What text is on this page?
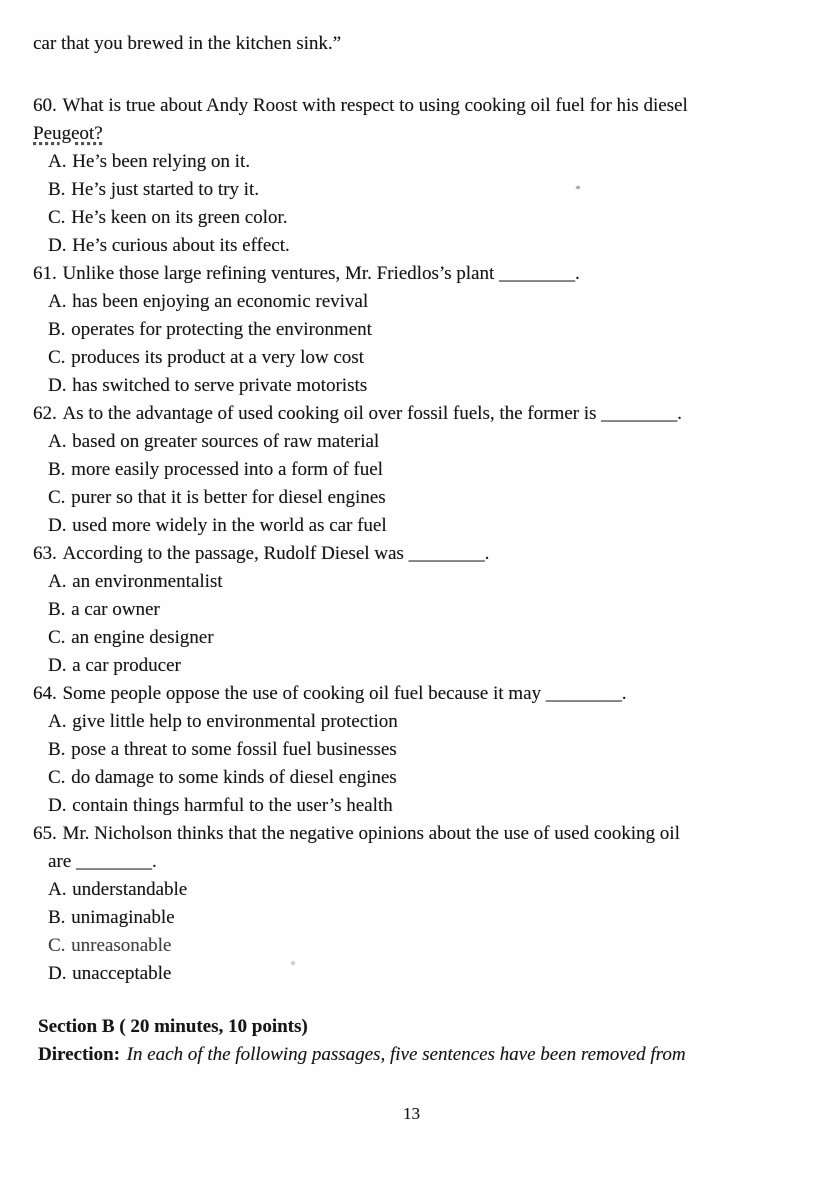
car that you brewed in the kitchen sink.”
60. What is true about Andy Roost with respect to using cooking oil fuel for his diesel
Peugeot?
A. He’s been relying on it.
B. He’s just started to try it.
C. He’s keen on its green color.
D. He’s curious about its effect.
61. Unlike those large refining ventures, Mr. Friedlos’s plant ________.
A. has been enjoying an economic revival
B. operates for protecting the environment
C. produces its product at a very low cost
D. has switched to serve private motorists
62. As to the advantage of used cooking oil over fossil fuels, the former is ________.
A. based on greater sources of raw material
B. more easily processed into a form of fuel
C. purer so that it is better for diesel engines
D. used more widely in the world as car fuel
63. According to the passage, Rudolf Diesel was ________.
A. an environmentalist
B. a car owner
C. an engine designer
D. a car producer
64. Some people oppose the use of cooking oil fuel because it may ________.
A. give little help to environmental protection
B. pose a threat to some fossil fuel businesses
C. do damage to some kinds of diesel engines
D. contain things harmful to the user’s health
65. Mr. Nicholson thinks that the negative opinions about the use of used cooking oil
are ________.
A. understandable
B. unimaginable
C. unreasonable
D. unacceptable
Section B ( 20 minutes, 10 points)
Direction: In each of the following passages, five sentences have been removed from
13
